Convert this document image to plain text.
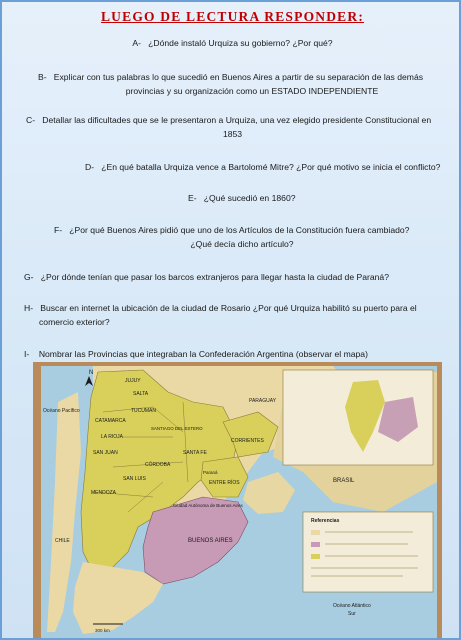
LUEGO DE LECTURA RESPONDER:
A- ¿Dónde instaló Urquiza su gobierno? ¿Por qué?
B- Explicar con tus palabras lo que sucedió en Buenos Aires a partir de su separación de las demás
provincias y su organización como un ESTADO INDEPENDIENTE
C- Detallar las dificultades que se le presentaron a Urquiza, una vez elegido presidente Constitucional en
1853
D- ¿En qué batalla Urquiza vence a Bartolomé Mitre? ¿Por qué motivo se inicia el conflicto?
E- ¿Qué sucedió en 1860?
F- ¿Por qué Buenos Aires pidió que uno de los Artículos de la Constitución fuera cambiado?
¿Qué decía dicho artículo?
G- ¿Por dónde tenían que pasar los barcos extranjeros para llegar hasta la ciudad de Paraná?
H- Buscar en internet la ubicación de la ciudad de Rosario ¿Por qué Urquiza habilitó su puerto para el
comercio exterior?
I- Nombrar las Provincias que integraban la Confederación Argentina (observar el mapa)
N
JUJUY
SALTA
TUCUMÁN
CATAMARCA
SANTIAGO DEL ESTERO
LA RIOJA
SAN JUAN
CÓRDOBA
SAN LUIS
MENDOZA
SANTA FE
CORRIENTES
ENTRE RÍOS
BUENOS AIRES
PARAGUAY
BRASIL
CHILE
Océano Pacífico
Océano Atlántico
Sur
Paraná
Ciudad Autónoma de Buenos Aires
300 km
Referencias
